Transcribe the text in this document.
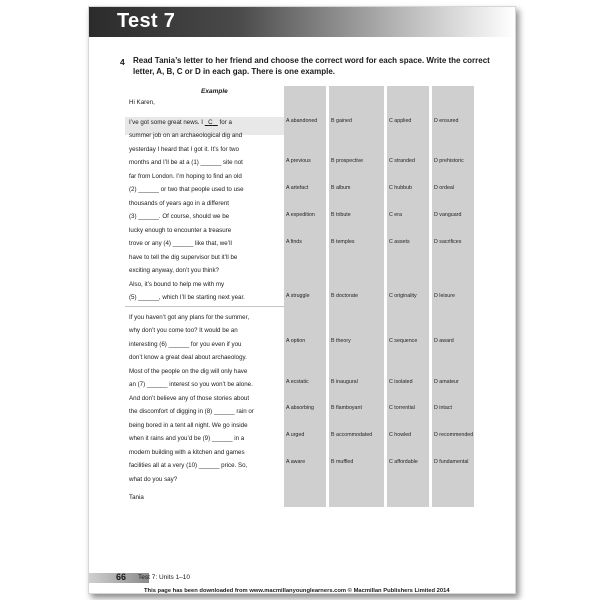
Test 7
4 Read Tania’s letter to her friend and choose the correct word for each space. Write the correct letter, A, B, C or D in each gap. There is one example.
Example
Hi Karen,
I’ve got some great news. I C for a
summer job on an archaeological dig and
yesterday I heard that I got it. It’s for two
months and I’ll be at a (1) ______ site not
far from London. I’m hoping to find an old
(2) ______ or two that people used to use
thousands of years ago in a different
(3) ______. Of course, should we be
lucky enough to encounter a treasure
trove or any (4) ______ like that, we’ll
have to tell the dig supervisor but it’ll be
exciting anyway, don’t you think?
Also, it’s bound to help me with my
(5) ______, which I’ll be starting next year.
If you haven’t got any plans for the summer,
why don’t you come too? It would be an
interesting (6) ______ for you even if you
don’t know a great deal about archaeology.
Most of the people on the dig will only have
an (7) ______ interest so you won’t be alone.
And don’t believe any of those stories about
the discomfort of digging in (8) ______ rain or
being bored in a tent all night. We go inside
when it rains and you’d be (9) ______ in a
modern building with a kitchen and games
facilities all at a very (10) ______ price. So,
what do you say?
Tania
A abandoned	B gained	C applied	D ensured
A previous	B prospective	C stranded	D prehistoric
A artefact	B album	C hubbub	D ordeal
A expedition	B tribute	C era	D vanguard
A finds	B temples	C assets	D sacrifices
A struggle	B doctorate	C originality	D leisure
A option	B theory	C sequence	D award
A ecstatic	B inaugural	C isolated	D amateur
A absorbing	B flamboyant	C torrential	D intact
A urged	B accommodated	C howled	D recommended
A aware	B muffled	C affordable	D fundamental
66 Test 7: Units 1–10
This page has been downloaded from www.macmillanyounglearners.com © Macmillan Publishers Limited 2014
